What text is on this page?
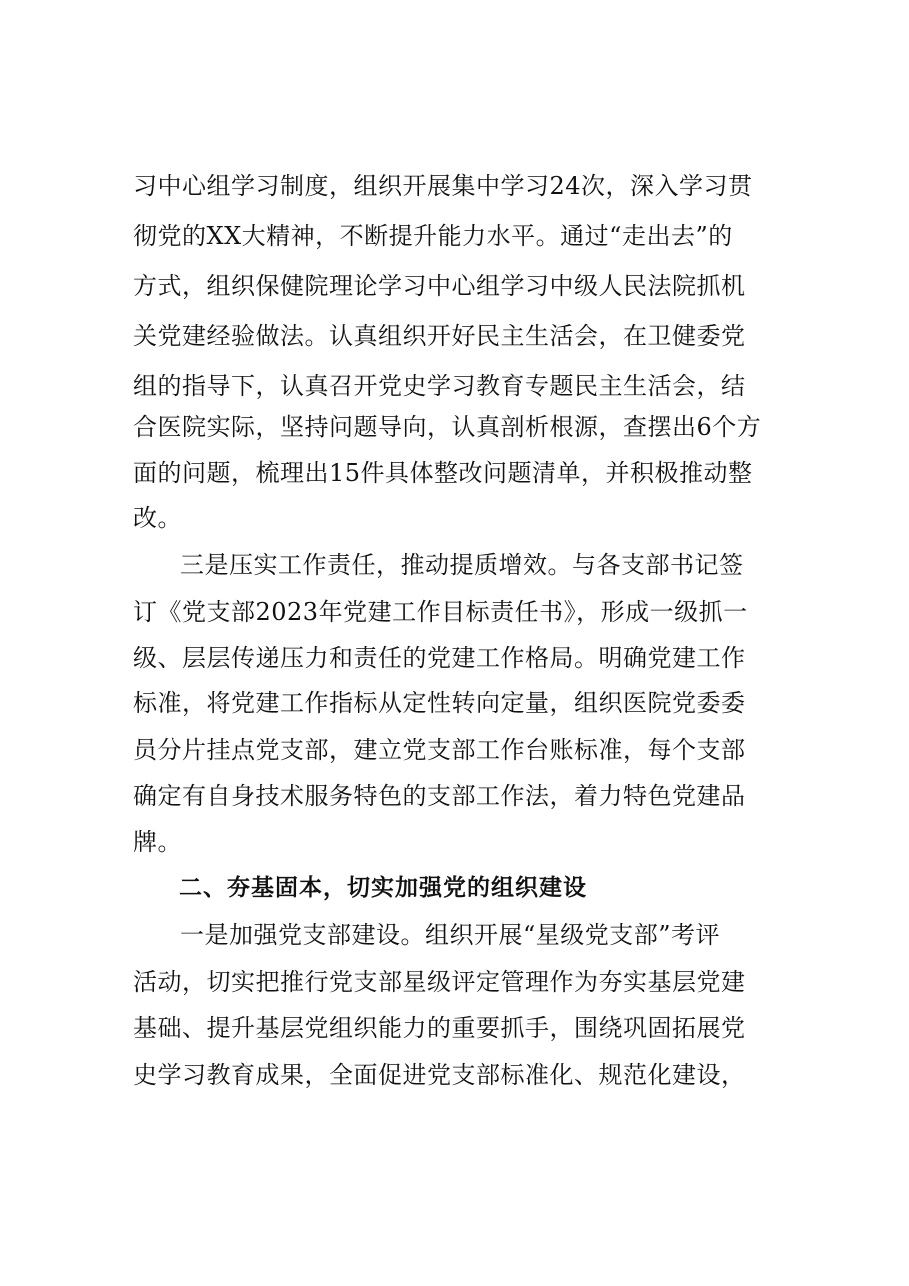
习中心组学习制度，组织开展集中学习24次，深入学习贯
彻党的XX大精神，不断提升能力水平。通过“走出去”的
方式，组织保健院理论学习中心组学习中级人民法院抓机
关党建经验做法。认真组织开好民主生活会，在卫健委党
组的指导下，认真召开党史学习教育专题民主生活会，结
合医院实际，坚持问题导向，认真剖析根源，查摆出6个方
面的问题，梳理出15件具体整改问题清单，并积极推动整
改。
三是压实工作责任，推动提质增效。与各支部书记签
订《党支部2023年党建工作目标责任书》，形成一级抓一
级、层层传递压力和责任的党建工作格局。明确党建工作
标准，将党建工作指标从定性转向定量，组织医院党委委
员分片挂点党支部，建立党支部工作台账标准，每个支部
确定有自身技术服务特色的支部工作法，着力特色党建品
牌。
二、夯基固本，切实加强党的组织建设
一是加强党支部建设。组织开展“星级党支部”考评
活动，切实把推行党支部星级评定管理作为夯实基层党建
基础、提升基层党组织能力的重要抓手，围绕巩固拓展党
史学习教育成果，全面促进党支部标准化、规范化建设，
